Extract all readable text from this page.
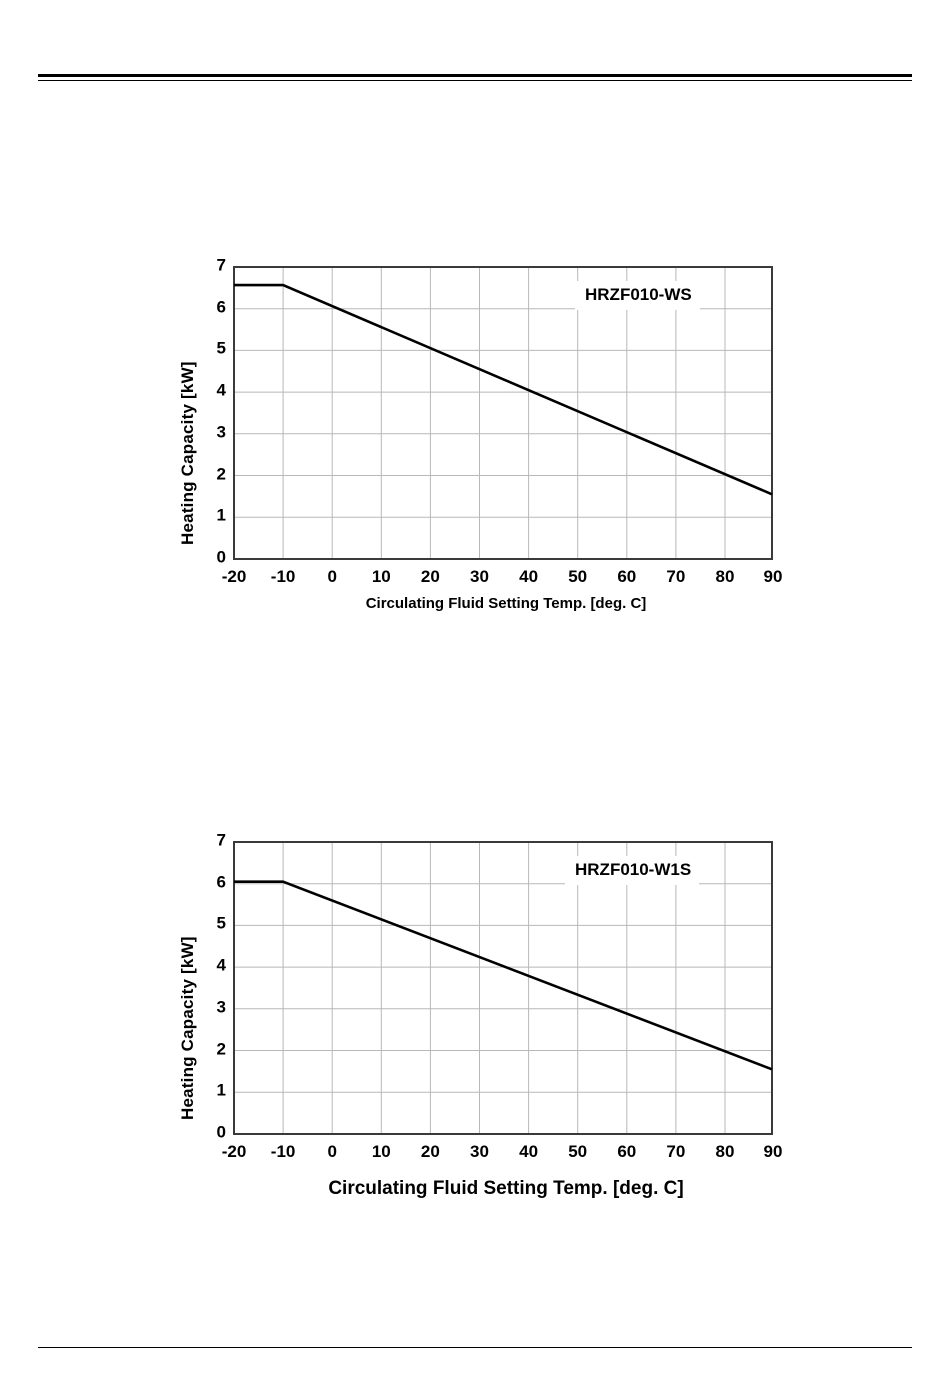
Heating Capacity [kW]
7
6
5
4
3
2
1
0
HRZF010-WS
-20 -10 0 10 20 30 40 50 60 70 80 90
Circulating Fluid Setting Temp. [deg. C]
Heating Capacity [kW]
7
6
5
4
3
2
1
0
HRZF010-W1S
-20 -10 0 10 20 30 40 50 60 70 80 90
Circulating Fluid Setting Temp. [deg. C]
